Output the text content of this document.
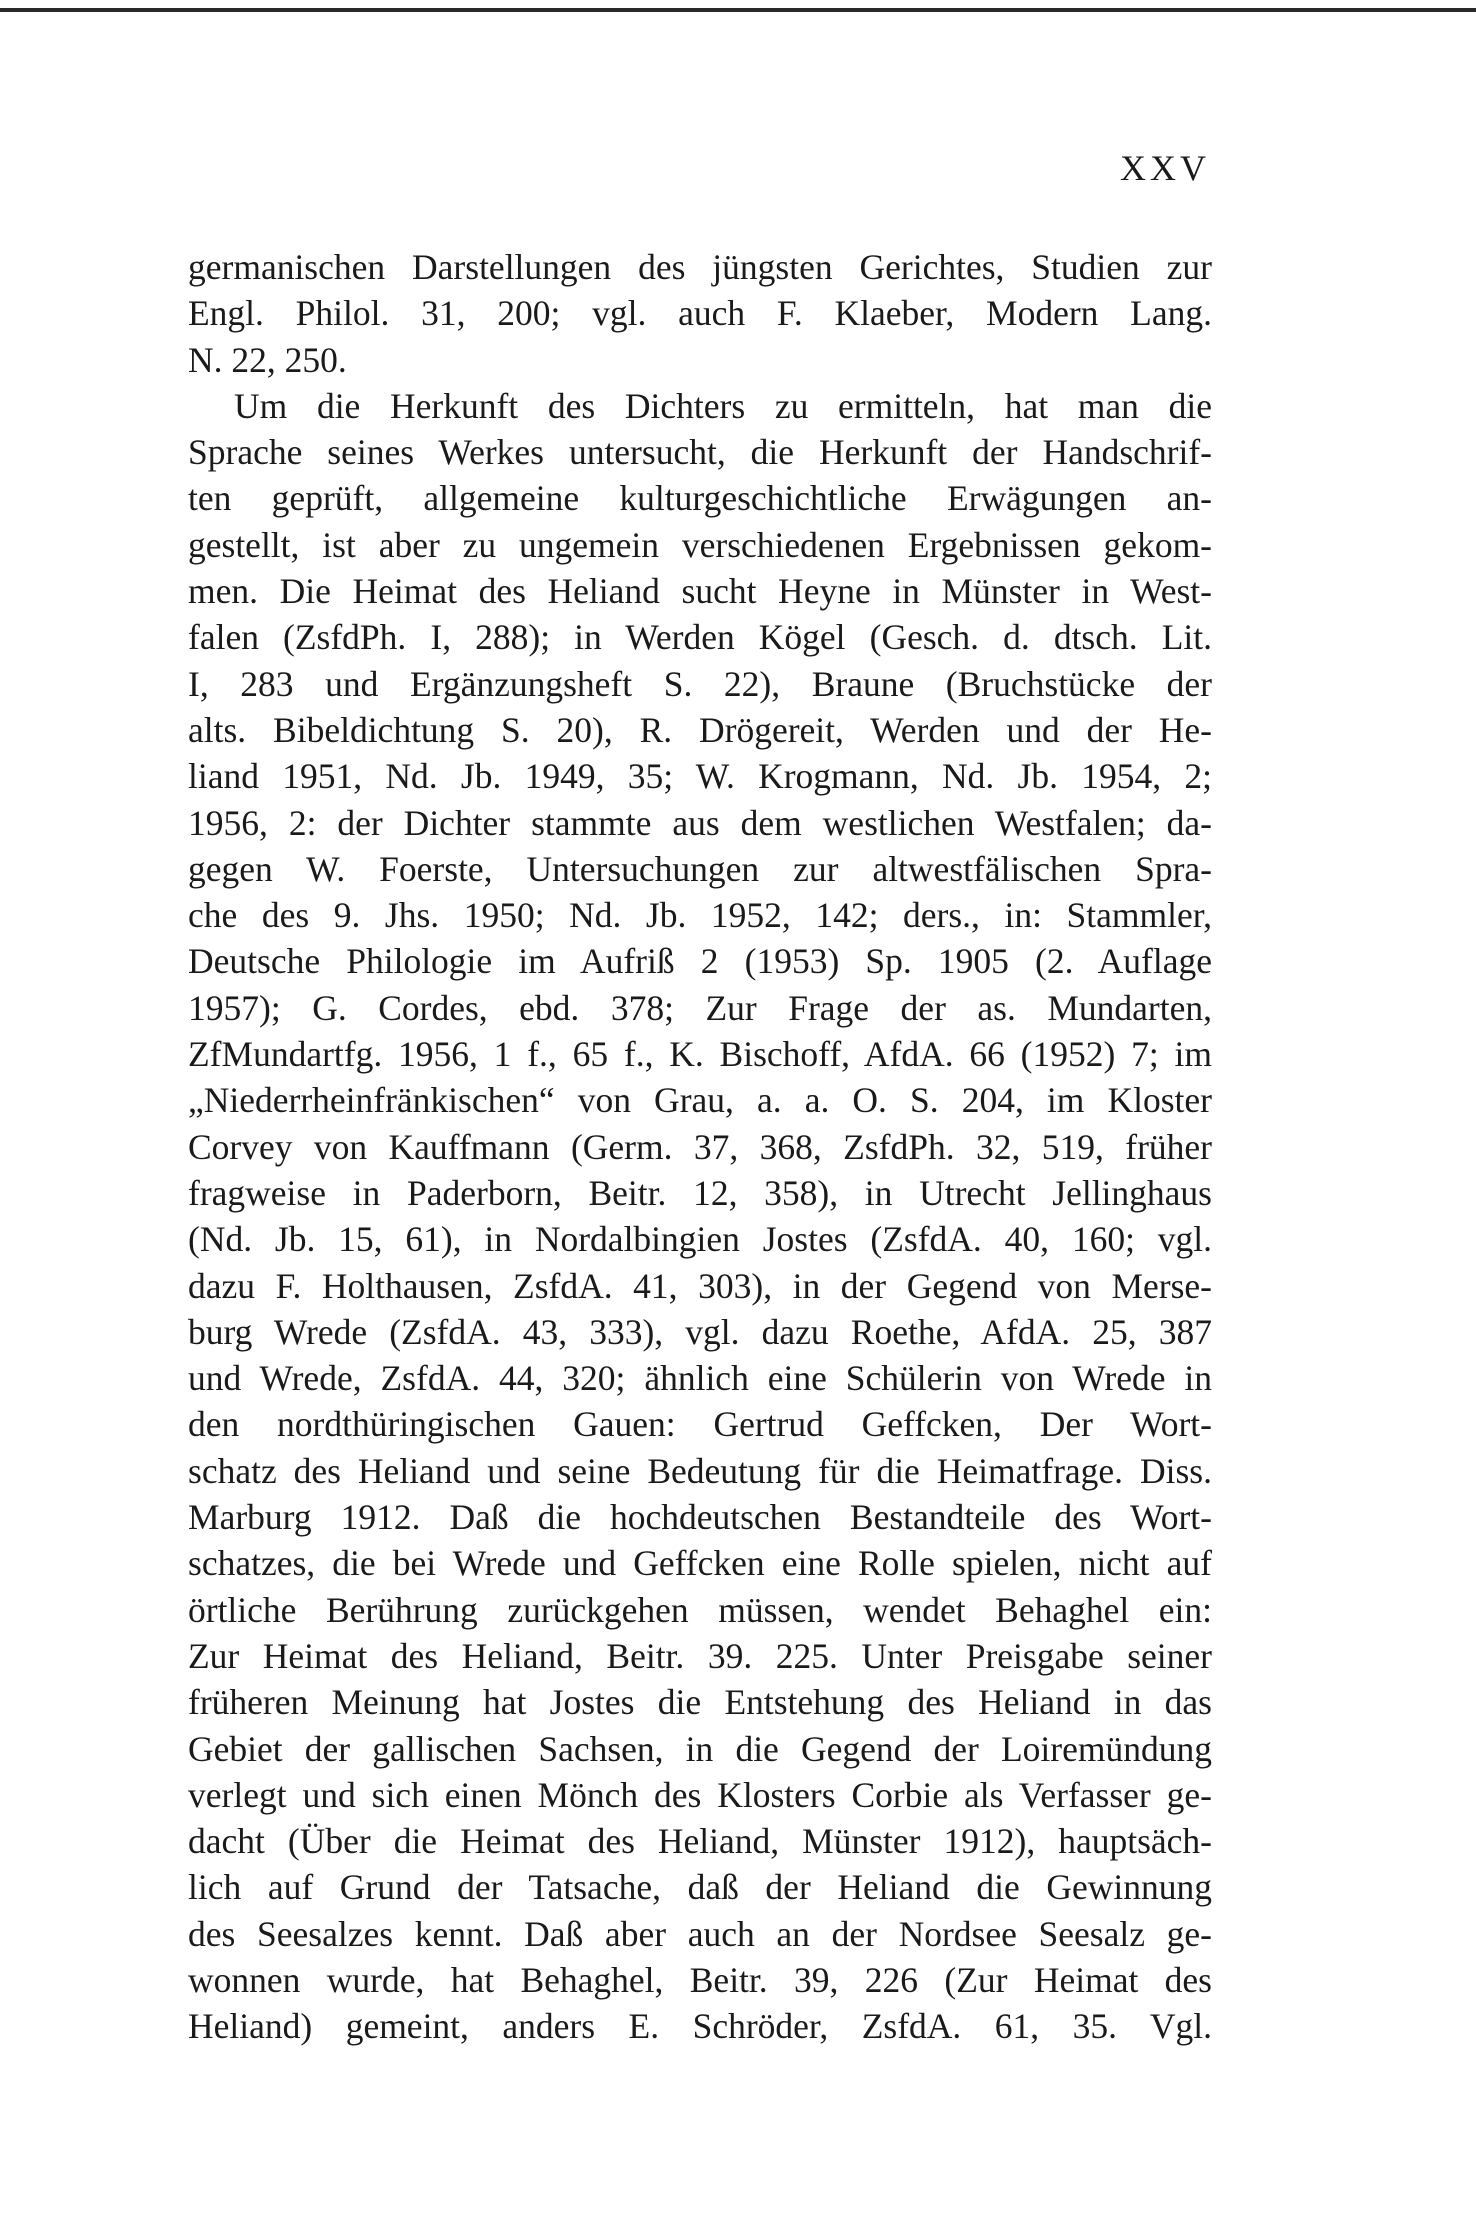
XXV
germanischen Darstellungen des jüngsten Gerichtes, Studien zur
Engl. Philol. 31, 200; vgl. auch F. Klaeber, Modern Lang.
N. 22, 250.
Um die Herkunft des Dichters zu ermitteln, hat man die
Sprache seines Werkes untersucht, die Herkunft der Handschrif-
ten geprüft, allgemeine kulturgeschichtliche Erwägungen an-
gestellt, ist aber zu ungemein verschiedenen Ergebnissen gekom-
men. Die Heimat des Heliand sucht Heyne in Münster in West-
falen (ZsfdPh. I, 288); in Werden Kögel (Gesch. d. dtsch. Lit.
I, 283 und Ergänzungsheft S. 22), Braune (Bruchstücke der
alts. Bibeldichtung S. 20), R. Drögereit, Werden und der He-
liand 1951, Nd. Jb. 1949, 35; W. Krogmann, Nd. Jb. 1954, 2;
1956, 2: der Dichter stammte aus dem westlichen Westfalen; da-
gegen W. Foerste, Untersuchungen zur altwestfälischen Spra-
che des 9. Jhs. 1950; Nd. Jb. 1952, 142; ders., in: Stammler,
Deutsche Philologie im Aufriß 2 (1953) Sp. 1905 (2. Auflage
1957); G. Cordes, ebd. 378; Zur Frage der as. Mundarten,
ZfMundartfg. 1956, 1 f., 65 f., K. Bischoff, AfdA. 66 (1952) 7; im
„Niederrheinfränkischen“ von Grau, a. a. O. S. 204, im Kloster
Corvey von Kauffmann (Germ. 37, 368, ZsfdPh. 32, 519, früher
fragweise in Paderborn, Beitr. 12, 358), in Utrecht Jellinghaus
(Nd. Jb. 15, 61), in Nordalbingien Jostes (ZsfdA. 40, 160; vgl.
dazu F. Holthausen, ZsfdA. 41, 303), in der Gegend von Merse-
burg Wrede (ZsfdA. 43, 333), vgl. dazu Roethe, AfdA. 25, 387
und Wrede, ZsfdA. 44, 320; ähnlich eine Schülerin von Wrede in
den nordthüringischen Gauen: Gertrud Geffcken, Der Wort-
schatz des Heliand und seine Bedeutung für die Heimatfrage. Diss.
Marburg 1912. Daß die hochdeutschen Bestandteile des Wort-
schatzes, die bei Wrede und Geffcken eine Rolle spielen, nicht auf
örtliche Berührung zurückgehen müssen, wendet Behaghel ein:
Zur Heimat des Heliand, Beitr. 39. 225. Unter Preisgabe seiner
früheren Meinung hat Jostes die Entstehung des Heliand in das
Gebiet der gallischen Sachsen, in die Gegend der Loiremündung
verlegt und sich einen Mönch des Klosters Corbie als Verfasser ge-
dacht (Über die Heimat des Heliand, Münster 1912), hauptsäch-
lich auf Grund der Tatsache, daß der Heliand die Gewinnung
des Seesalzes kennt. Daß aber auch an der Nordsee Seesalz ge-
wonnen wurde, hat Behaghel, Beitr. 39, 226 (Zur Heimat des
Heliand) gemeint, anders E. Schröder, ZsfdA. 61, 35. Vgl.
